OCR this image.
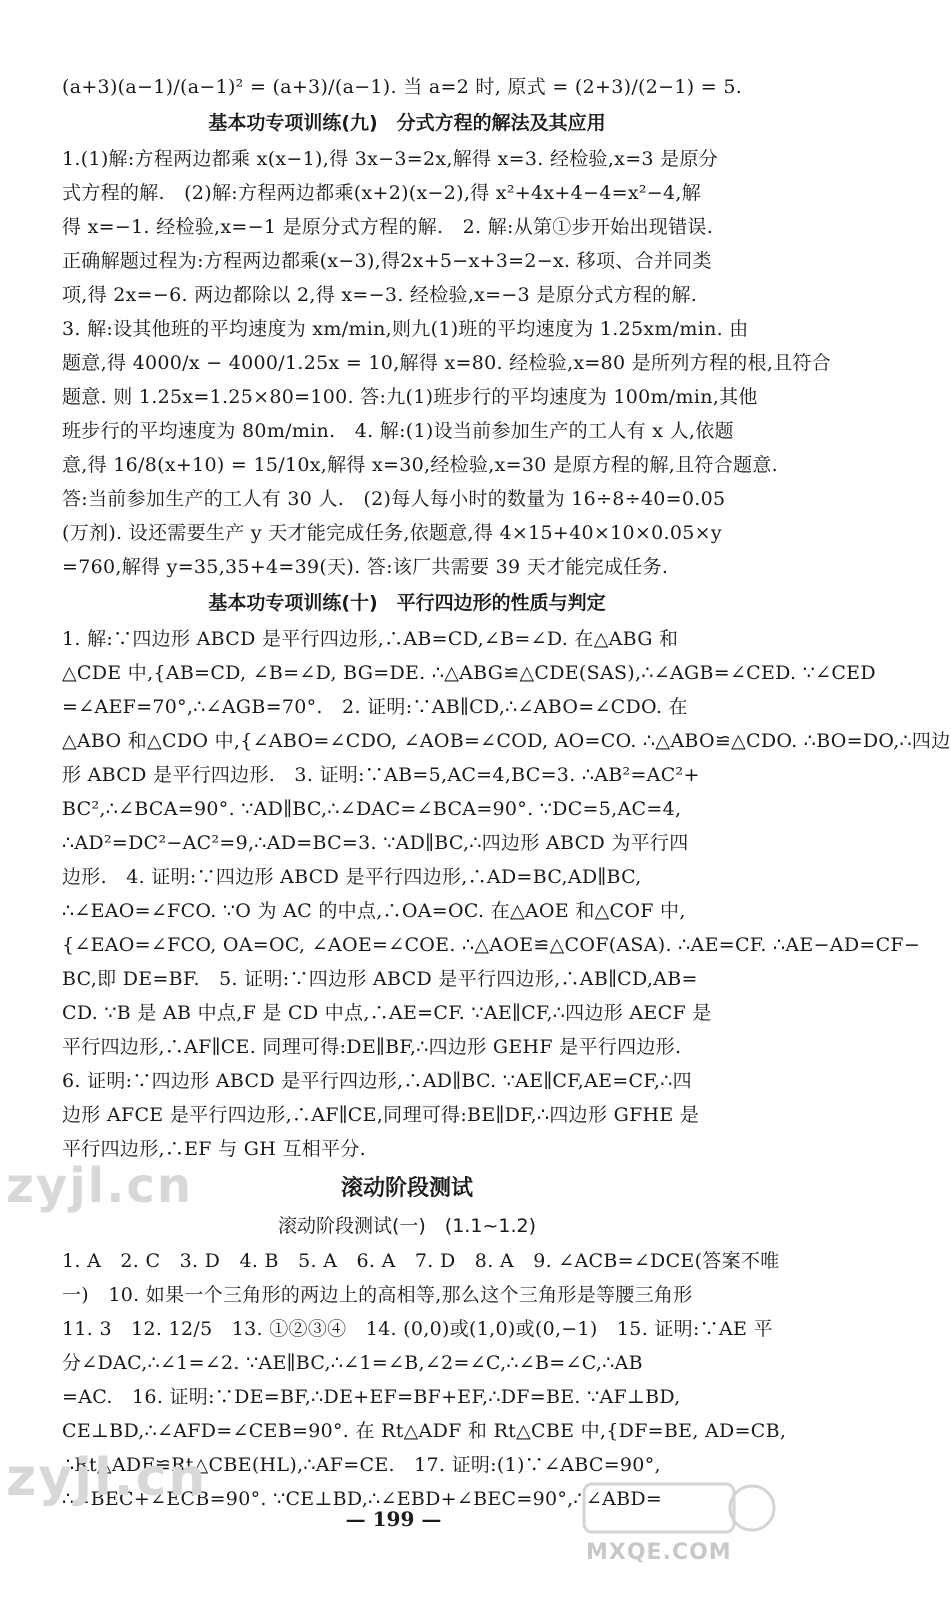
(a+3)(a−1)/(a−1)² = (a+3)/(a−1). 当 a=2 时, 原式 = (2+3)/(2−1) = 5.
基本功专项训练(九)　分式方程的解法及其应用
1.(1)解:方程两边都乘 x(x−1),得 3x−3=2x,解得 x=3. 经检验,x=3 是原分
式方程的解.　(2)解:方程两边都乘(x+2)(x−2),得 x²+4x+4−4=x²−4,解
得 x=−1. 经检验,x=−1 是原分式方程的解.　2. 解:从第①步开始出现错误.
正确解题过程为:方程两边都乘(x−3),得2x+5−x+3=2−x. 移项、合并同类
项,得 2x=−6. 两边都除以 2,得 x=−3. 经检验,x=−3 是原分式方程的解.
3. 解:设其他班的平均速度为 xm/min,则九(1)班的平均速度为 1.25xm/min. 由
题意,得 4000/x − 4000/1.25x = 10,解得 x=80. 经检验,x=80 是所列方程的根,且符合
题意. 则 1.25x=1.25×80=100. 答:九(1)班步行的平均速度为 100m/min,其他
班步行的平均速度为 80m/min.　4. 解:(1)设当前参加生产的工人有 x 人,依题
意,得 16/8(x+10) = 15/10x,解得 x=30,经检验,x=30 是原方程的解,且符合题意.
答:当前参加生产的工人有 30 人.　(2)每人每小时的数量为 16÷8÷40=0.05
(万剂). 设还需要生产 y 天才能完成任务,依题意,得 4×15+40×10×0.05×y
=760,解得 y=35,35+4=39(天). 答:该厂共需要 39 天才能完成任务.
基本功专项训练(十)　平行四边形的性质与判定
1. 解:∵四边形 ABCD 是平行四边形,∴AB=CD,∠B=∠D. 在△ABG 和
△CDE 中,{AB=CD, ∠B=∠D, BG=DE. ∴△ABG≌△CDE(SAS),∴∠AGB=∠CED. ∵∠CED
=∠AEF=70°,∴∠AGB=70°.　2. 证明:∵AB∥CD,∴∠ABO=∠CDO. 在
△ABO 和△CDO 中,{∠ABO=∠CDO, ∠AOB=∠COD, AO=CO. ∴△ABO≌△CDO. ∴BO=DO,∴四边
形 ABCD 是平行四边形.　3. 证明:∵AB=5,AC=4,BC=3. ∴AB²=AC²+
BC²,∴∠BCA=90°. ∵AD∥BC,∴∠DAC=∠BCA=90°. ∵DC=5,AC=4,
∴AD²=DC²−AC²=9,∴AD=BC=3. ∵AD∥BC,∴四边形 ABCD 为平行四
边形.　4. 证明:∵四边形 ABCD 是平行四边形,∴AD=BC,AD∥BC,
∴∠EAO=∠FCO. ∵O 为 AC 的中点,∴OA=OC. 在△AOE 和△COF 中,
{∠EAO=∠FCO, OA=OC, ∠AOE=∠COE. ∴△AOE≌△COF(ASA). ∴AE=CF. ∴AE−AD=CF−
BC,即 DE=BF.　5. 证明:∵四边形 ABCD 是平行四边形,∴AB∥CD,AB=
CD. ∵B 是 AB 中点,F 是 CD 中点,∴AE=CF. ∵AE∥CF,∴四边形 AECF 是
平行四边形,∴AF∥CE. 同理可得:DE∥BF,∴四边形 GEHF 是平行四边形.
6. 证明:∵四边形 ABCD 是平行四边形,∴AD∥BC. ∵AE∥CF,AE=CF,∴四
边形 AFCE 是平行四边形,∴AF∥CE,同理可得:BE∥DF,∴四边形 GFHE 是
平行四边形,∴EF 与 GH 互相平分.
滚动阶段测试
滚动阶段测试(一)　(1.1~1.2)
1. A　2. C　3. D　4. B　5. A　6. A　7. D　8. A　9. ∠ACB=∠DCE(答案不唯
一)　10. 如果一个三角形的两边上的高相等,那么这个三角形是等腰三角形
11. 3　12. 12/5　13. ①②③④　14. (0,0)或(1,0)或(0,−1)　15. 证明:∵AE 平
分∠DAC,∴∠1=∠2. ∵AE∥BC,∴∠1=∠B,∠2=∠C,∴∠B=∠C,∴AB
=AC.　16. 证明:∵DE=BF,∴DE+EF=BF+EF,∴DF=BE. ∵AF⊥BD,
CE⊥BD,∴∠AFD=∠CEB=90°. 在 Rt△ADF 和 Rt△CBE 中,{DF=BE, AD=CB,
∴Rt△ADF≌Rt△CBE(HL),∴AF=CE.　17. 证明:(1)∵∠ABC=90°,
∴∠BEC+∠ECB=90°. ∵CE⊥BD,∴∠EBD+∠BEC=90°,∴∠ABD=
zyjl.cn
zyjl.cn
MXQE.COM
— 199 —
